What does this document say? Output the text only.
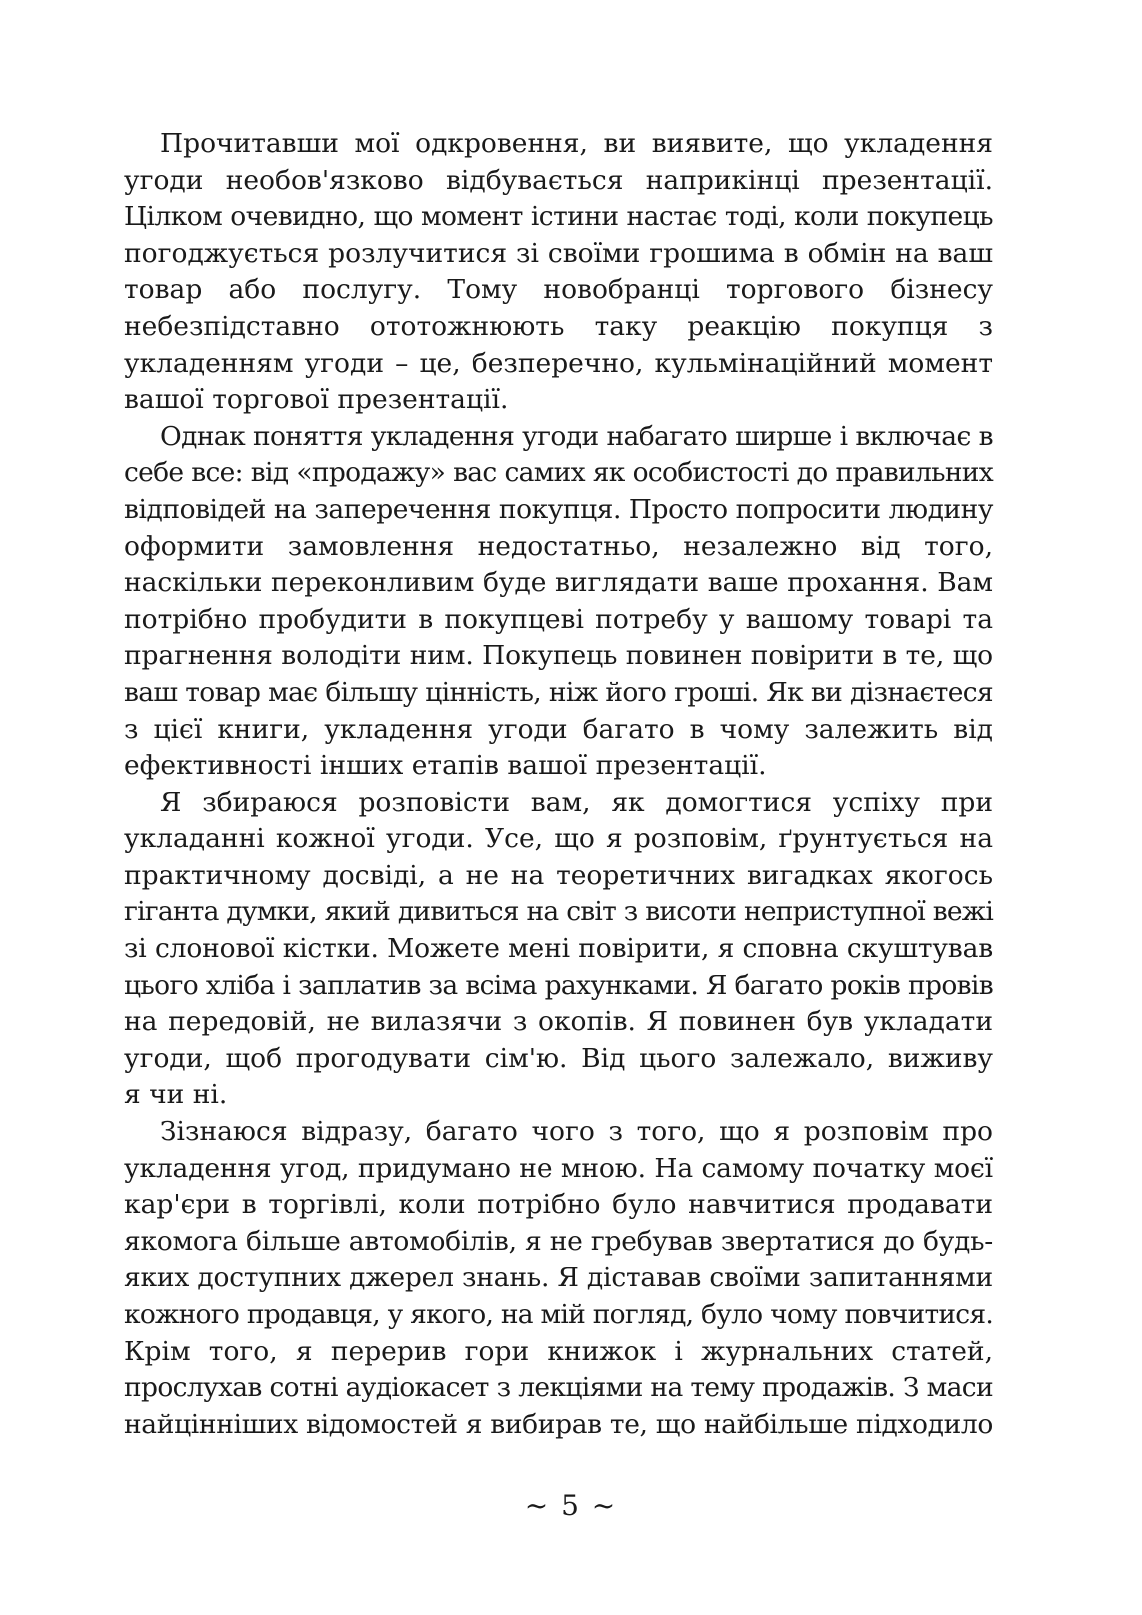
Прочитавши мої одкровення, ви виявите, що укладення
угоди необов'язково відбувається наприкінці презентації.
Цілком очевидно, що момент істини настає тоді, коли покупець
погоджується розлучитися зі своїми грошима в обмін на ваш
товар або послугу. Тому новобранці торгового бізнесу
небезпідставно ототожнюють таку реакцію покупця з
укладенням угоди – це, безперечно, кульмінаційний момент
вашої торгової презентації.
Однак поняття укладення угоди набагато ширше і включає в
себе все: від «продажу» вас самих як особистості до правильних
відповідей на заперечення покупця. Просто попросити людину
оформити замовлення недостатньо, незалежно від того,
наскільки переконливим буде виглядати ваше прохання. Вам
потрібно пробудити в покупцеві потребу у вашому товарі та
прагнення володіти ним. Покупець повинен повірити в те, що
ваш товар має більшу цінність, ніж його гроші. Як ви дізнаєтеся
з цієї книги, укладення угоди багато в чому залежить від
ефективності інших етапів вашої презентації.
Я збираюся розповісти вам, як домогтися успіху при
укладанні кожної угоди. Усе, що я розповім, ґрунтується на
практичному досвіді, а не на теоретичних вигадках якогось
гіганта думки, який дивиться на світ з висоти неприступної вежі
зі слонової кістки. Можете мені повірити, я сповна скуштував
цього хліба і заплатив за всіма рахунками. Я багато років провів
на передовій, не вилазячи з окопів. Я повинен був укладати
угоди, щоб прогодувати сім'ю. Від цього залежало, виживу
я чи ні.
Зізнаюся відразу, багато чого з того, що я розповім про
укладення угод, придумано не мною. На самому початку моєї
кар'єри в торгівлі, коли потрібно було навчитися продавати
якомога більше автомобілів, я не гребував звертатися до будь-
яких доступних джерел знань. Я діставав своїми запитаннями
кожного продавця, у якого, на мій погляд, було чому повчитися.
Крім того, я перерив гори книжок і журнальних статей,
прослухав сотні аудіокасет з лекціями на тему продажів. З маси
найцінніших відомостей я вибирав те, що найбільше підходило
~ 5 ~
